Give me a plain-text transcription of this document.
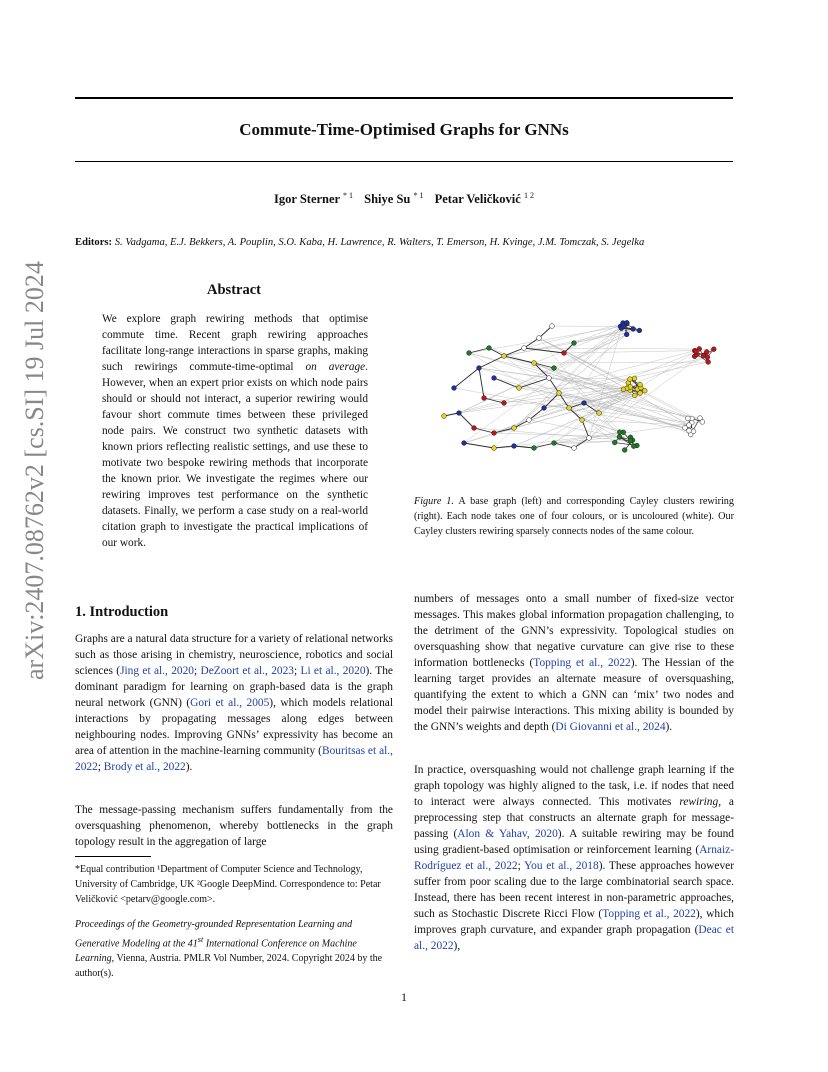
Commute-Time-Optimised Graphs for GNNs
Igor Sterner $^{* 1}$ Shiye Su $^{* 1}$ Petar Veličković $^{1 2}$
Editors: S. Vadgama, E.J. Bekkers, A. Pouplin, S.O. Kaba, H. Lawrence, R. Walters, T. Emerson, H. Kvinge, J.M. Tomczak, S. Jegelka
arXiv:2407.08762v2 [cs.SI] 19 Jul 2024	Abstract
We explore graph rewiring methods that optimise commute time. Recent graph rewiring approaches facilitate long-range interactions in sparse graphs, making such rewirings commute-time-optimal on average. However, when an expert prior exists on which node pairs should or should not interact, a superior rewiring would favour short commute times between these privileged node pairs. We construct two synthetic datasets with known priors reflecting realistic settings, and use these to motivate two bespoke rewiring methods that incorporate the known prior. We investigate the regimes where our rewiring improves test performance on the synthetic datasets. Finally, we perform a case study on a real-world citation graph to investigate the practical implications of our work.
Figure 1. A base graph (left) and corresponding Cayley clusters rewiring (right). Each node takes one of four colours, or is uncoloured (white). Our Cayley clusters rewiring sparsely connects nodes of the same colour.
1. Introduction
Graphs are a natural data structure for a variety of relational networks such as those arising in chemistry, neuroscience, robotics and social sciences (Jing et al., 2020; DeZoort et al., 2023; Li et al., 2020). The dominant paradigm for learning on graph-based data is the graph neural network (GNN) (Gori et al., 2005), which models relational interactions by propagating messages along edges between neighbouring nodes. Improving GNNs’ expressivity has become an area of attention in the machine-learning community (Bouritsas et al., 2022; Brody et al., 2022).
The message-passing mechanism suffers fundamentally from the oversquashing phenomenon, whereby bottlenecks in the graph topology result in the aggregation of large
*Equal contribution ¹Department of Computer Science and Technology, University of Cambridge, UK ²Google DeepMind. Correspondence to: Petar Veličković <petarv@google.com>.
Proceedings of the Geometry-grounded Representation Learning and Generative Modeling at the 41st International Conference on Machine Learning, Vienna, Austria. PMLR Vol Number, 2024. Copyright 2024 by the author(s).
numbers of messages onto a small number of fixed-size vector messages. This makes global information propagation challenging, to the detriment of the GNN’s expressivity. Topological studies on oversquashing show that negative curvature can give rise to these information bottlenecks (Topping et al., 2022). The Hessian of the learning target provides an alternate measure of oversquashing, quantifying the extent to which a GNN can ‘mix’ two nodes and model their pairwise interactions. This mixing ability is bounded by the GNN’s weights and depth (Di Giovanni et al., 2024).
In practice, oversquashing would not challenge graph learning if the graph topology was highly aligned to the task, i.e. if nodes that need to interact were always connected. This motivates rewiring, a preprocessing step that constructs an alternate graph for message-passing (Alon & Yahav, 2020). A suitable rewiring may be found using gradient-based optimisation or reinforcement learning (Arnaiz-Rodríguez et al., 2022; You et al., 2018). These approaches however suffer from poor scaling due to the large combinatorial search space. Instead, there has been recent interest in non-parametric approaches, such as Stochastic Discrete Ricci Flow (Topping et al., 2022), which improves graph curvature, and expander graph propagation (Deac et al., 2022),
1
